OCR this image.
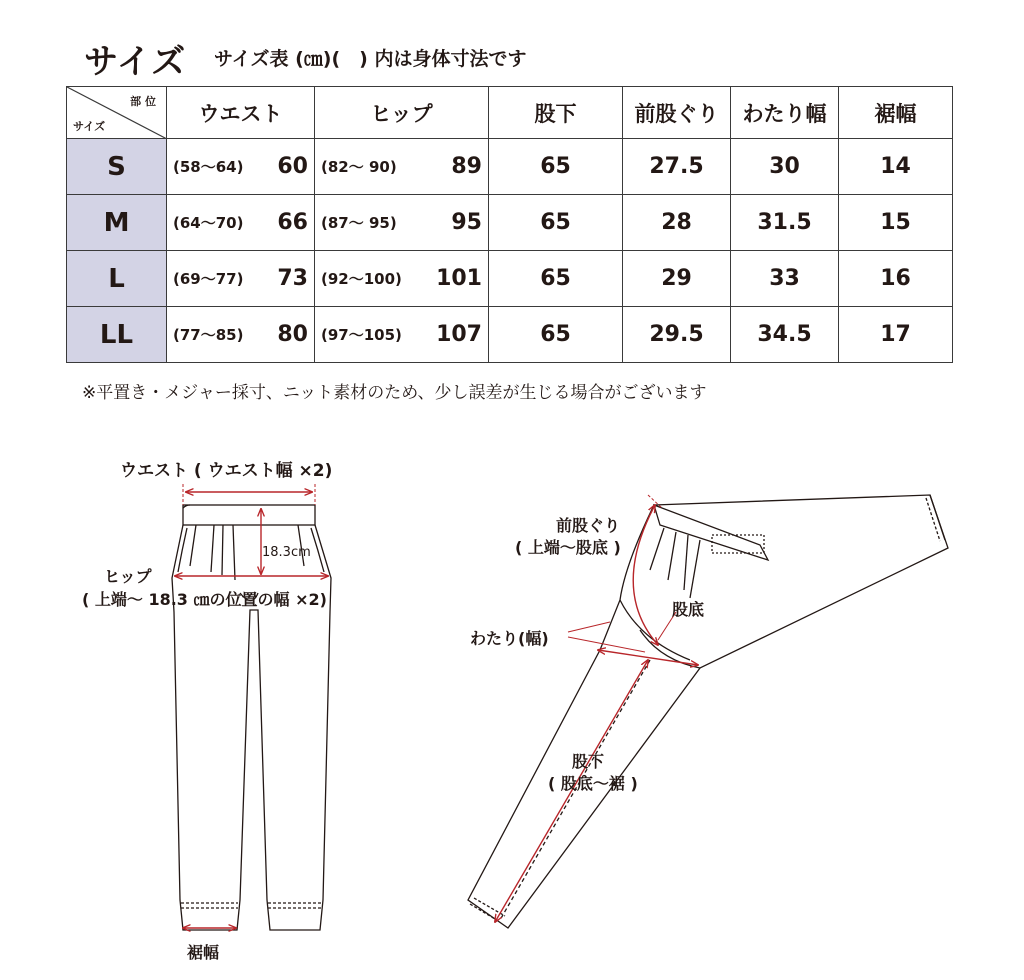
サイズ サイズ表 (㎝)(　) 内は身体寸法です
部 位
サイズ	ウエスト	ヒップ	股下	前股ぐり	わたり幅	裾幅
S	(58～64) 60	(82～ 90) 89	65	27.5	30	14
M	(64～70) 66	(87～ 95) 95	65	28	31.5	15
L	(69～77) 73	(92～100) 101	65	29	33	16
LL	(77～85) 80	(97～105) 107	65	29.5	34.5	17
※平置き・メジャー採寸、ニット素材のため、少し誤差が生じる場合がございます
ウエスト ( ウエスト幅 ×2)
18.3cm
ヒップ
( 上端～ 18.3 ㎝の位置の幅 ×2)
裾幅
前股ぐり
( 上端～股底 )
股底
わたり(幅)
股下
( 股底～裾 )
